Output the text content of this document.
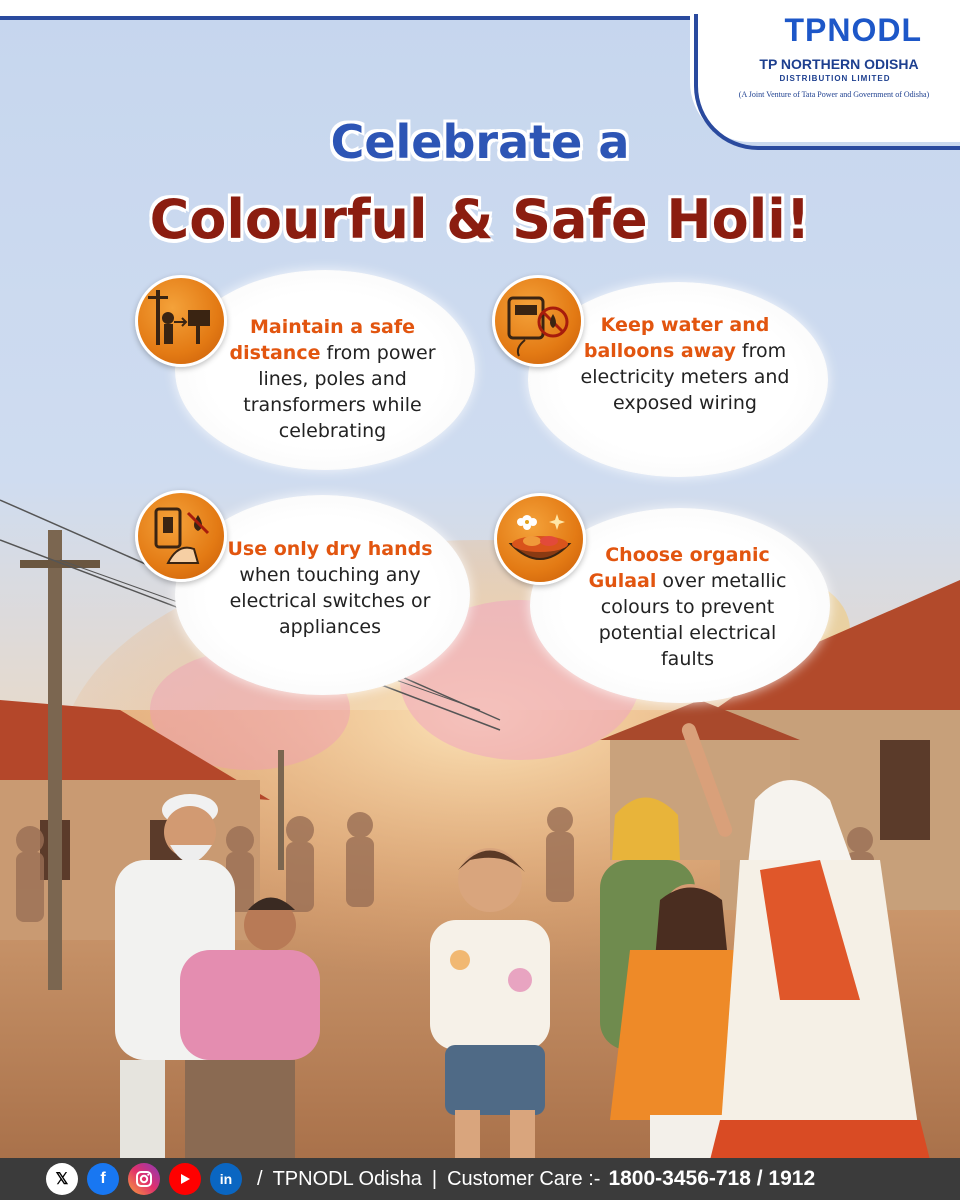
TPNODL
TP NORTHERN ODISHA
DISTRIBUTION LIMITED
(A Joint Venture of Tata Power and Government of Odisha)
Celebrate a
Colourful & Safe Holi!
Maintain a safe distance from power lines, poles and transformers while celebrating
Keep water and balloons away from electricity meters and exposed wiring
Use only dry hands when touching any electrical switches or appliances
Choose organic Gulaal over metallic colours to prevent potential electrical faults
𝕏	f	in	/ TPNODL Odisha | Customer Care :- 1800-3456-718 / 1912
